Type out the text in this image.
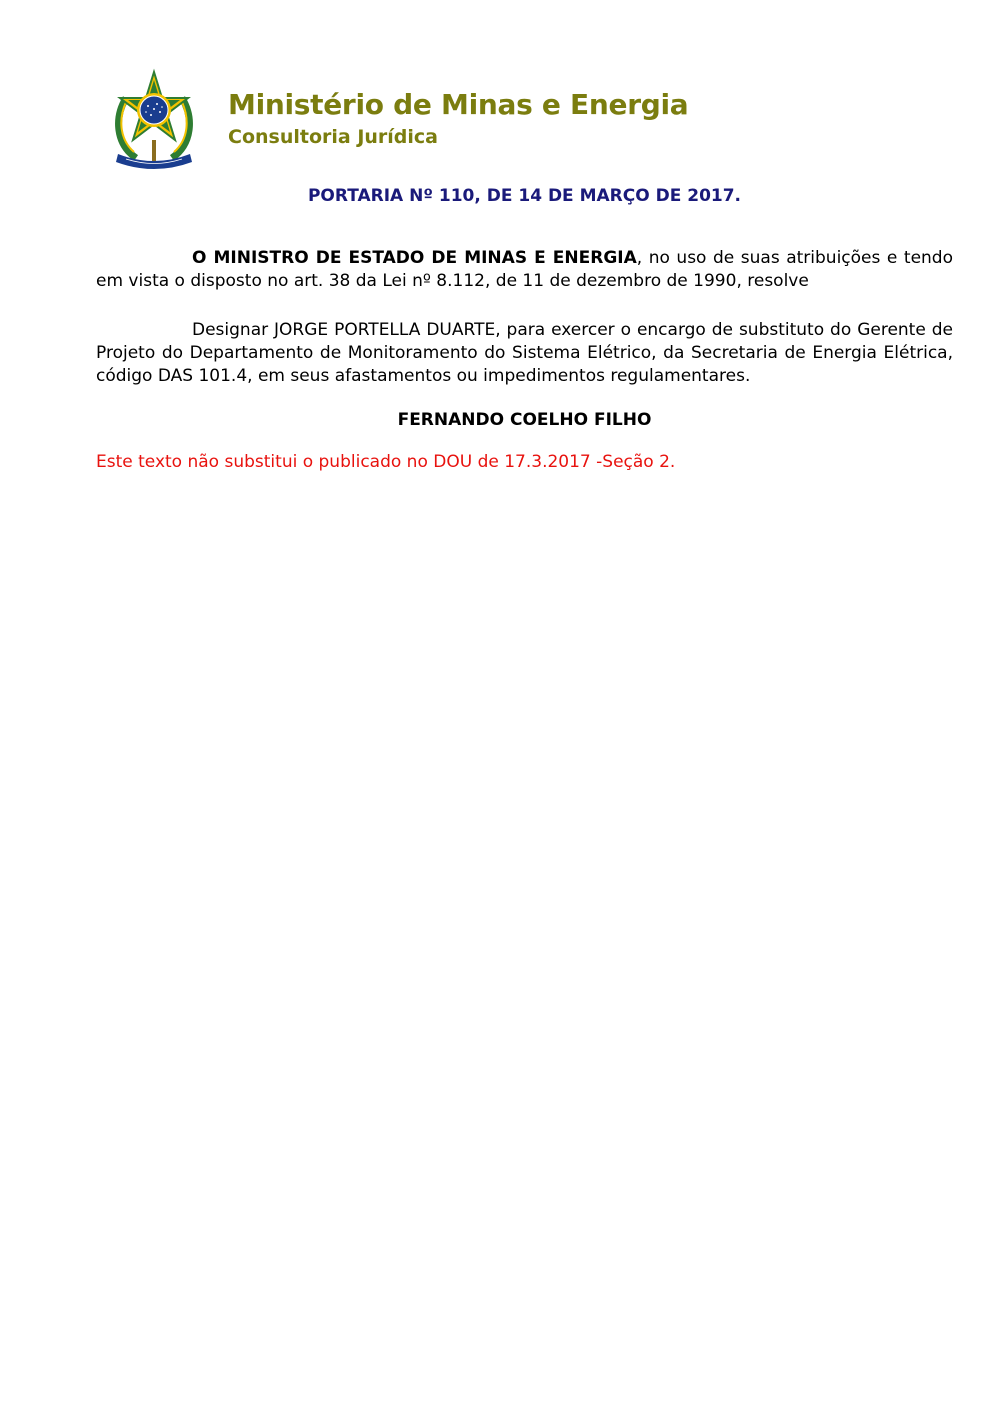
Ministério de Minas e Energia
Consultoria Jurídica
PORTARIA Nº 110, DE 14 DE MARÇO DE 2017.

O MINISTRO DE ESTADO DE MINAS E ENERGIA, no uso de suas atribuições e tendo em vista o disposto no art. 38 da Lei nº 8.112, de 11 de dezembro de 1990, resolve

Designar JORGE PORTELLA DUARTE, para exercer o encargo de substituto do Gerente de Projeto do Departamento de Monitoramento do Sistema Elétrico, da Secretaria de Energia Elétrica, código DAS 101.4, em seus afastamentos ou impedimentos regulamentares.

FERNANDO COELHO FILHO
Este texto não substitui o publicado no DOU de 17.3.2017 -Seção 2.
